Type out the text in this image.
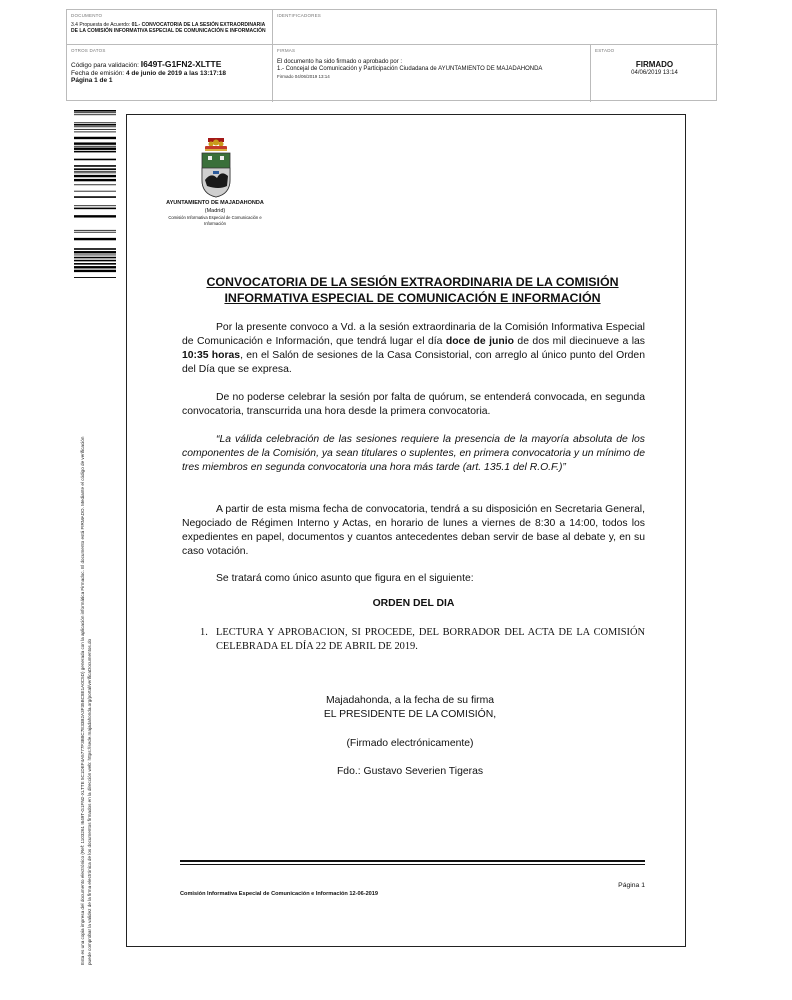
DOCUMENTO
3.4 Propuesta de Acuerdo: 01.- CONVOCATORIA DE LA SESIÓN EXTRAORDINARIA DE LA COMISIÓN INFORMATIVA ESPECIAL DE COMUNICACIÓN E INFORMACIÓN
IDENTIFICADORES
OTROS DATOS
Código para validación: I649T-G1FN2-XLTTE
Fecha de emisión: 4 de junio de 2019 a las 13:17:18
Página 1 de 1
FIRMAS
El documento ha sido firmado o aprobado por :
1.- Concejal de Comunicación y Participación Ciudadana de AYUNTAMIENTO DE MAJADAHONDA
Firmado 04/06/2019 13:14
ESTADO
FIRMADO
04/06/2019 13:14
Esta es una copia impresa del documento electrónico (Ref: 1103261 I649T-G1FN2-XLTTE 5C1DEF4A5777F3B8C7E33B2A3F35BC8E1A0C5D) generada con la aplicación informática Firmadoc. El documento está FIRMADO. Mediante el código de verificación puede comprobar la validez de la firma electrónica de los documentos firmados en la dirección web: https://sede.majadahonda.org/portal/verificaDocumentos.do
AYUNTAMIENTO DE MAJADAHONDA
(Madrid)
Comisión Informativa Especial de Comunicación e
Información
CONVOCATORIA DE LA SESIÓN EXTRAORDINARIA DE LA COMISIÓN INFORMATIVA ESPECIAL DE COMUNICACIÓN E INFORMACIÓN
Por la presente convoco a Vd. a la sesión extraordinaria de la Comisión Informativa Especial de Comunicación e Información, que tendrá lugar el día doce de junio de dos mil diecinueve a las 10:35 horas, en el Salón de sesiones de la Casa Consistorial, con arreglo al único punto del Orden del Día que se expresa.
De no poderse celebrar la sesión por falta de quórum, se entenderá convocada, en segunda convocatoria, transcurrida una hora desde la primera convocatoria.
“La válida celebración de las sesiones requiere la presencia de la mayoría absoluta de los componentes de la Comisión, ya sean titulares o suplentes, en primera convocatoria y un mínimo de tres miembros en segunda convocatoria una hora más tarde (art. 135.1 del R.O.F.)”
A partir de esta misma fecha de convocatoria, tendrá a su disposición en Secretaria General, Negociado de Régimen Interno y Actas, en horario de lunes a viernes de 8:30 a 14:00, todos los expedientes en papel, documentos y cuantos antecedentes deban servir de base al debate y, en su caso votación.
Se tratará como único asunto que figura en el siguiente:
ORDEN DEL DIA
1. LECTURA Y APROBACION, SI PROCEDE, DEL BORRADOR DEL ACTA DE LA COMISIÓN CELEBRADA EL DÍA 22 DE ABRIL DE 2019.
Majadahonda, a la fecha de su firma
EL PRESIDENTE DE LA COMISIÓN,
(Firmado electrónicamente)
Fdo.: Gustavo Severien Tigeras
Página 1
Comisión Informativa Especial de Comunicación e Información 12-06-2019
